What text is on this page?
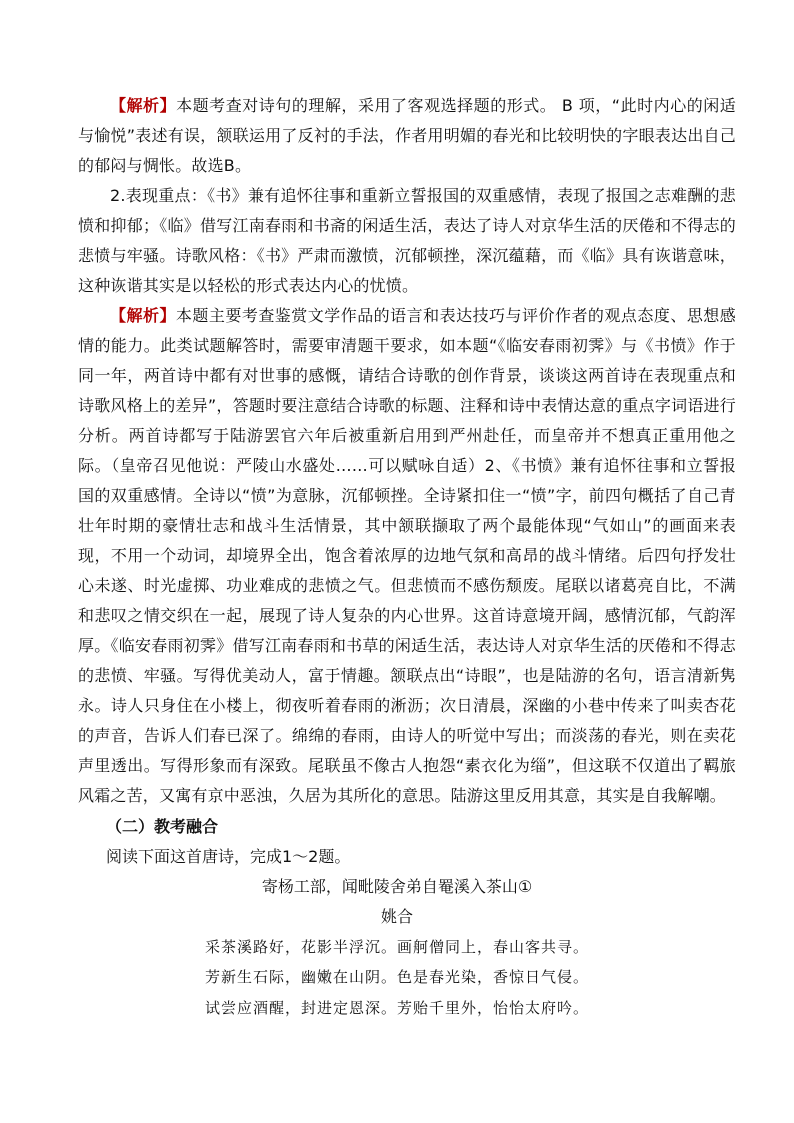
【解析】本题考查对诗句的理解，采用了客观选择题的形式。 B 项，“此时内心的闲适与愉悦”表述有误，颔联运用了反衬的手法，作者用明媚的春光和比较明快的字眼表达出自己的郁闷与惆怅。故选B。

2.表现重点：《书》兼有追怀往事和重新立誓报国的双重感情，表现了报国之志难酬的悲愤和抑郁；《临》借写江南春雨和书斋的闲适生活，表达了诗人对京华生活的厌倦和不得志的悲愤与牢骚。诗歌风格：《书》严肃而激愤，沉郁顿挫，深沉蕴藉，而《临》具有诙谐意味，这种诙谐其实是以轻松的形式表达内心的忧愤。

【解析】本题主要考查鉴赏文学作品的语言和表达技巧与评价作者的观点态度、思想感情的能力。此类试题解答时，需要审清题干要求，如本题“《临安春雨初霁》与《书愤》作于同一年，两首诗中都有对世事的感慨，请结合诗歌的创作背景，谈谈这两首诗在表现重点和诗歌风格上的差异”，答题时要注意结合诗歌的标题、注释和诗中表情达意的重点字词语进行分析。两首诗都写于陆游罢官六年后被重新启用到严州赴任，而皇帝并不想真正重用他之际。（皇帝召见他说：严陵山水盛处……可以赋咏自适）2、《书愤》兼有追怀往事和立誓报国的双重感情。全诗以“愤”为意脉，沉郁顿挫。全诗紧扣住一“愤”字，前四句概括了自己青壮年时期的豪情壮志和战斗生活情景，其中颔联撷取了两个最能体现“气如山”的画面来表现，不用一个动词，却境界全出，饱含着浓厚的边地气氛和高昂的战斗情绪。后四句抒发壮心未遂、时光虚掷、功业难成的悲愤之气。但悲愤而不感伤颓废。尾联以诸葛亮自比，不满和悲叹之情交织在一起，展现了诗人复杂的内心世界。这首诗意境开阔，感情沉郁，气韵浑厚。《临安春雨初霁》借写江南春雨和书草的闲适生活，表达诗人对京华生活的厌倦和不得志的悲愤、牢骚。写得优美动人，富于情趣。颔联点出“诗眼”，也是陆游的名句，语言清新隽永。诗人只身住在小楼上，彻夜听着春雨的淅沥；次日清晨，深幽的小巷中传来了叫卖杏花的声音，告诉人们春已深了。绵绵的春雨，由诗人的听觉中写出；而淡荡的春光，则在卖花声里透出。写得形象而有深致。尾联虽不像古人抱怨“素衣化为缁”，但这联不仅道出了羁旅风霜之苦，又寓有京中恶浊，久居为其所化的意思。陆游这里反用其意，其实是自我解嘲。

（二）教考融合

阅读下面这首唐诗，完成1～2题。

寄杨工部，闻毗陵舍弟自罨溪入茶山①

姚合

采茶溪路好，花影半浮沉。画舸僧同上，春山客共寻。

芳新生石际，幽嫩在山阴。色是春光染，香惊日气侵。

试尝应酒醒，封进定恩深。芳贻千里外，怡怡太府吟。
